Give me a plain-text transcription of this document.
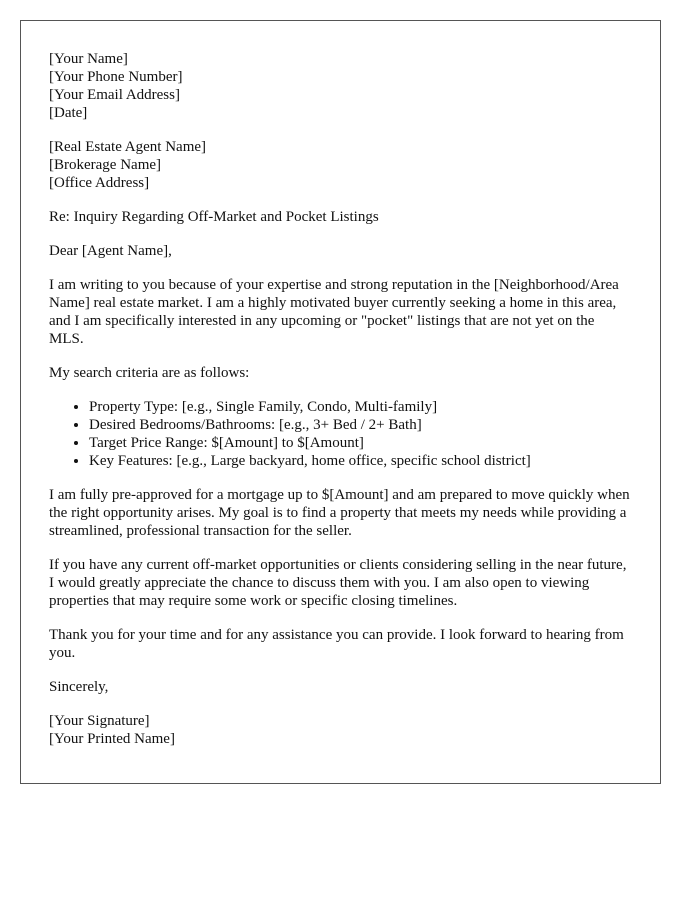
[Your Name]
[Your Phone Number]
[Your Email Address]
[Date]

[Real Estate Agent Name]
[Brokerage Name]
[Office Address]

Re: Inquiry Regarding Off-Market and Pocket Listings

Dear [Agent Name],

I am writing to you because of your expertise and strong reputation in the [Neighborhood/Area Name] real estate market. I am a highly motivated buyer currently seeking a home in this area, and I am specifically interested in any upcoming or "pocket" listings that are not yet on the MLS.

My search criteria are as follows:

• Property Type: [e.g., Single Family, Condo, Multi-family]
• Desired Bedrooms/Bathrooms: [e.g., 3+ Bed / 2+ Bath]
• Target Price Range: $[Amount] to $[Amount]
• Key Features: [e.g., Large backyard, home office, specific school district]

I am fully pre-approved for a mortgage up to $[Amount] and am prepared to move quickly when the right opportunity arises. My goal is to find a property that meets my needs while providing a streamlined, professional transaction for the seller.

If you have any current off-market opportunities or clients considering selling in the near future, I would greatly appreciate the chance to discuss them with you. I am also open to viewing properties that may require some work or specific closing timelines.

Thank you for your time and for any assistance you can provide. I look forward to hearing from you.

Sincerely,

[Your Signature]
[Your Printed Name]
